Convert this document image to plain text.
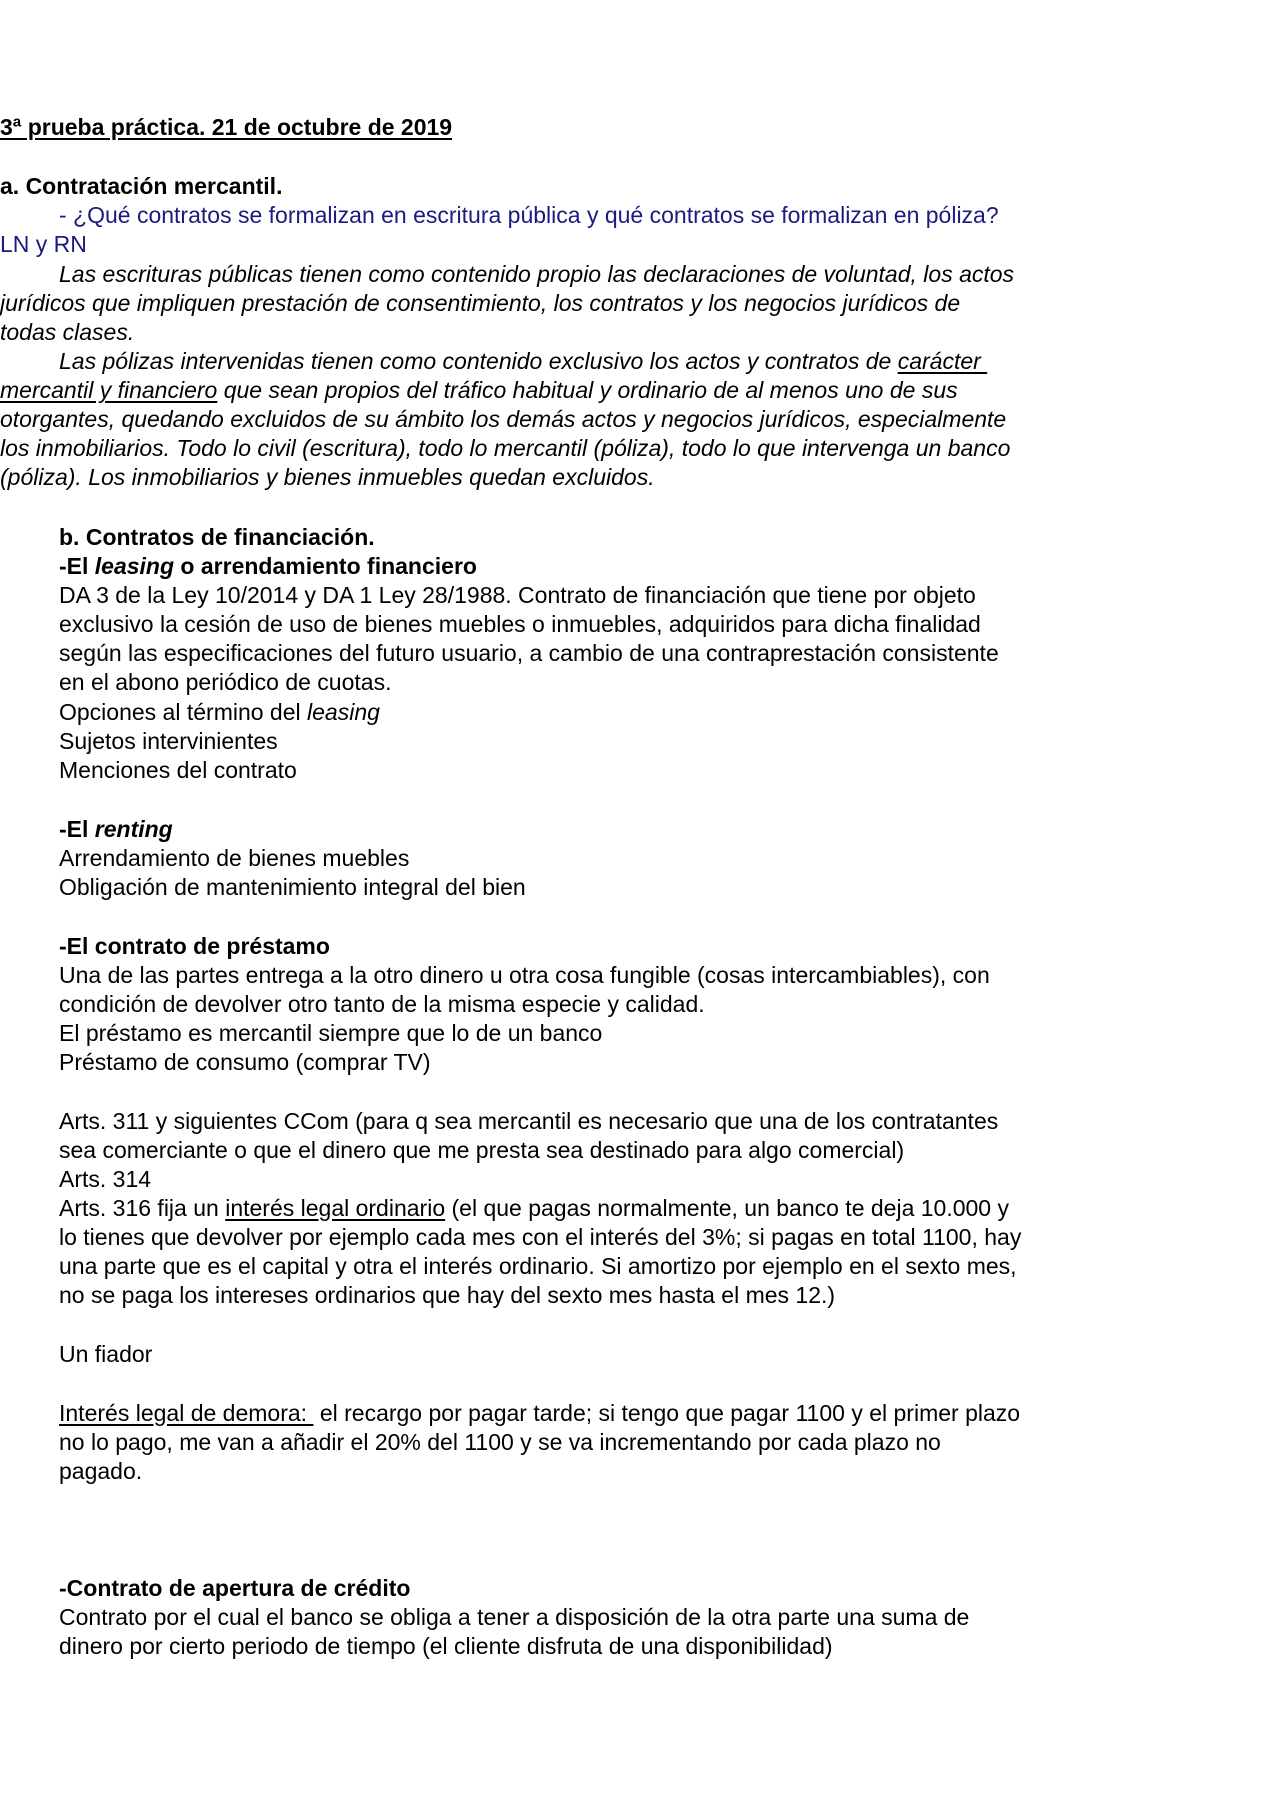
3ª prueba práctica. 21 de octubre de 2019
a. Contratación mercantil.
- ¿Qué contratos se formalizan en escritura pública y qué contratos se formalizan en póliza?
LN y RN
Las escrituras públicas tienen como contenido propio las declaraciones de voluntad, los actos
jurídicos que impliquen prestación de consentimiento, los contratos y los negocios jurídicos de
todas clases.
Las pólizas intervenidas tienen como contenido exclusivo los actos y contratos de carácter
mercantil y financiero que sean propios del tráfico habitual y ordinario de al menos uno de sus
otorgantes, quedando excluidos de su ámbito los demás actos y negocios jurídicos, especialmente
los inmobiliarios. Todo lo civil (escritura), todo lo mercantil (póliza), todo lo que intervenga un banco
(póliza). Los inmobiliarios y bienes inmuebles quedan excluidos.
b. Contratos de financiación.
-El leasing o arrendamiento financiero
DA 3 de la Ley 10/2014 y DA 1 Ley 28/1988. Contrato de financiación que tiene por objeto
exclusivo la cesión de uso de bienes muebles o inmuebles, adquiridos para dicha finalidad
según las especificaciones del futuro usuario, a cambio de una contraprestación consistente
en el abono periódico de cuotas.
Opciones al término del leasing
Sujetos intervinientes
Menciones del contrato
-El renting
Arrendamiento de bienes muebles
Obligación de mantenimiento integral del bien
-El contrato de préstamo
Una de las partes entrega a la otro dinero u otra cosa fungible (cosas intercambiables), con
condición de devolver otro tanto de la misma especie y calidad.
El préstamo es mercantil siempre que lo de un banco
Préstamo de consumo (comprar TV)
Arts. 311 y siguientes CCom (para q sea mercantil es necesario que una de los contratantes
sea comerciante o que el dinero que me presta sea destinado para algo comercial)
Arts. 314
Arts. 316 fija un interés legal ordinario (el que pagas normalmente, un banco te deja 10.000 y
lo tienes que devolver por ejemplo cada mes con el interés del 3%; si pagas en total 1100, hay
una parte que es el capital y otra el interés ordinario. Si amortizo por ejemplo en el sexto mes,
no se paga los intereses ordinarios que hay del sexto mes hasta el mes 12.)
Un fiador
Interés legal de demora:  el recargo por pagar tarde; si tengo que pagar 1100 y el primer plazo
no lo pago, me van a añadir el 20% del 1100 y se va incrementando por cada plazo no
pagado.
-Contrato de apertura de crédito
Contrato por el cual el banco se obliga a tener a disposición de la otra parte una suma de
dinero por cierto periodo de tiempo (el cliente disfruta de una disponibilidad)
